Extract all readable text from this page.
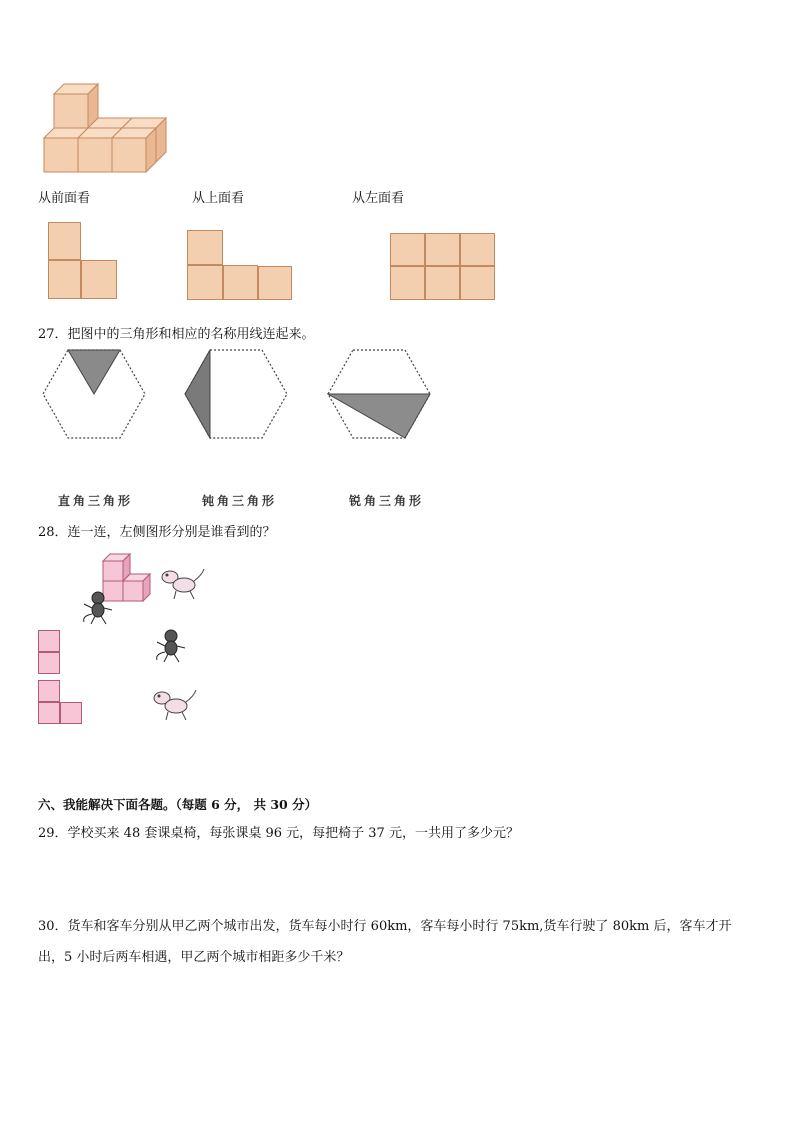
从前面看	从上面看	从左面看
27．把图中的三角形和相应的名称用线连起来。
直角三角形	钝角三角形	锐角三角形
28．连一连，左侧图形分别是谁看到的？
六、我能解决下面各题。（每题 6 分， 共 30 分）
29．学校买来 48 套课桌椅，每张课桌 96 元，每把椅子 37 元，一共用了多少元？
30．货车和客车分别从甲乙两个城市出发，货车每小时行 60km，客车每小时行 75km,货车行驶了 80km 后，客车才开
出，5 小时后两车相遇，甲乙两个城市相距多少千米？
